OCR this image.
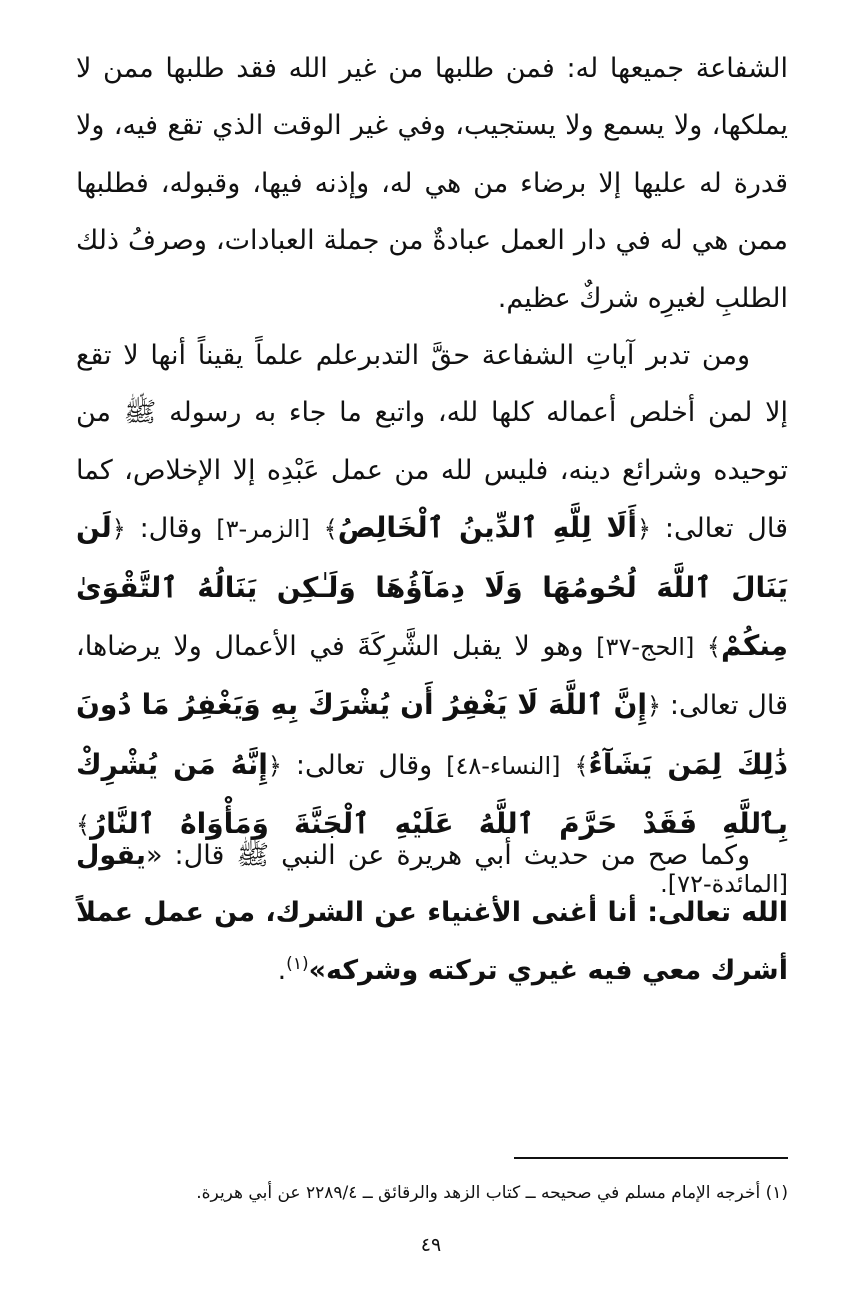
الشفاعة جميعها له: فمن طلبها من غير الله فقد طلبها ممن لا يملكها، ولا يسمع ولا يستجيب، وفي غير الوقت الذي تقع فيه، ولا قدرة له عليها إلا برضاء من هي له، وإذنه فيها، وقبوله، فطلبها ممن هي له في دار العمل عبادةٌ من جملة العبادات، وصرفُ ذلك الطلبِ لغيرِه شركٌ عظيم.

ومن تدبر آياتِ الشفاعة حقَّ التدبرعلم علماً يقيناً أنها لا تقع إلا لمن أخلص أعماله كلها لله، واتبع ما جاء به رسوله ﷺ من توحيده وشرائع دينه، فليس لله من عمل عَبْدِه إلا الإخلاص، كما قال تعالى: ﴿أَلَا لِلَّهِ ٱلدِّينُ ٱلْخَالِصُ﴾ [الزمر-٣] وقال: ﴿لَن يَنَالَ ٱللَّهَ لُحُومُهَا وَلَا دِمَآؤُهَا وَلَـٰكِن يَنَالُهُ ٱلتَّقْوَىٰ مِنكُمْ﴾ [الحج-٣٧] وهو لا يقبل الشَّرِكَةَ في الأعمال ولا يرضاها، قال تعالى: ﴿إِنَّ ٱللَّهَ لَا يَغْفِرُ أَن يُشْرَكَ بِهِ وَيَغْفِرُ مَا دُونَ ذَٰلِكَ لِمَن يَشَآءُ﴾ [النساء-٤٨] وقال تعالى: ﴿إِنَّهُ مَن يُشْرِكْ بِٱللَّهِ فَقَدْ حَرَّمَ ٱللَّهُ عَلَيْهِ ٱلْجَنَّةَ وَمَأْوَاهُ ٱلنَّارُ﴾ [المائدة-٧٢].

وكما صح من حديث أبي هريرة عن النبي ﷺ قال: «يقول الله تعالى: أنا أغنى الأغنياء عن الشرك، من عمل عملاً أشرك معي فيه غيري تركته وشركه»$^{(١)}$.

(١) أخرجه الإمام مسلم في صحيحه ــ كتاب الزهد والرقائق ــ ٢٢٨٩/٤ عن أبي هريرة.
٤٩
